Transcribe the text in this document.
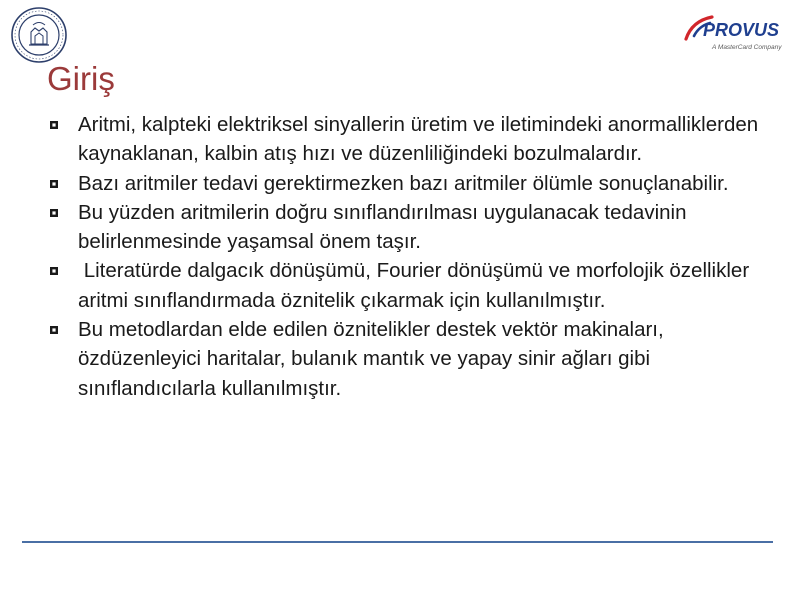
PROVUS
A MasterCard Company
Giriş
Aritmi, kalpteki elektriksel sinyallerin üretim ve iletimindeki anormalliklerden kaynaklanan, kalbin atış hızı ve düzenliliğindeki bozulmalardır.
Bazı aritmiler tedavi gerektirmezken bazı aritmiler ölümle sonuçlanabilir.
Bu yüzden aritmilerin doğru sınıflandırılması uygulanacak tedavinin belirlenmesinde yaşamsal önem taşır.
Literatürde dalgacık dönüşümü, Fourier dönüşümü ve morfolojik özellikler aritmi sınıflandırmada öznitelik çıkarmak için kullanılmıştır.
Bu metodlardan elde edilen öznitelikler destek vektör makinaları, özdüzenleyici haritalar, bulanık mantık ve yapay sinir ağları gibi sınıflandıcılarla kullanılmıştır.
